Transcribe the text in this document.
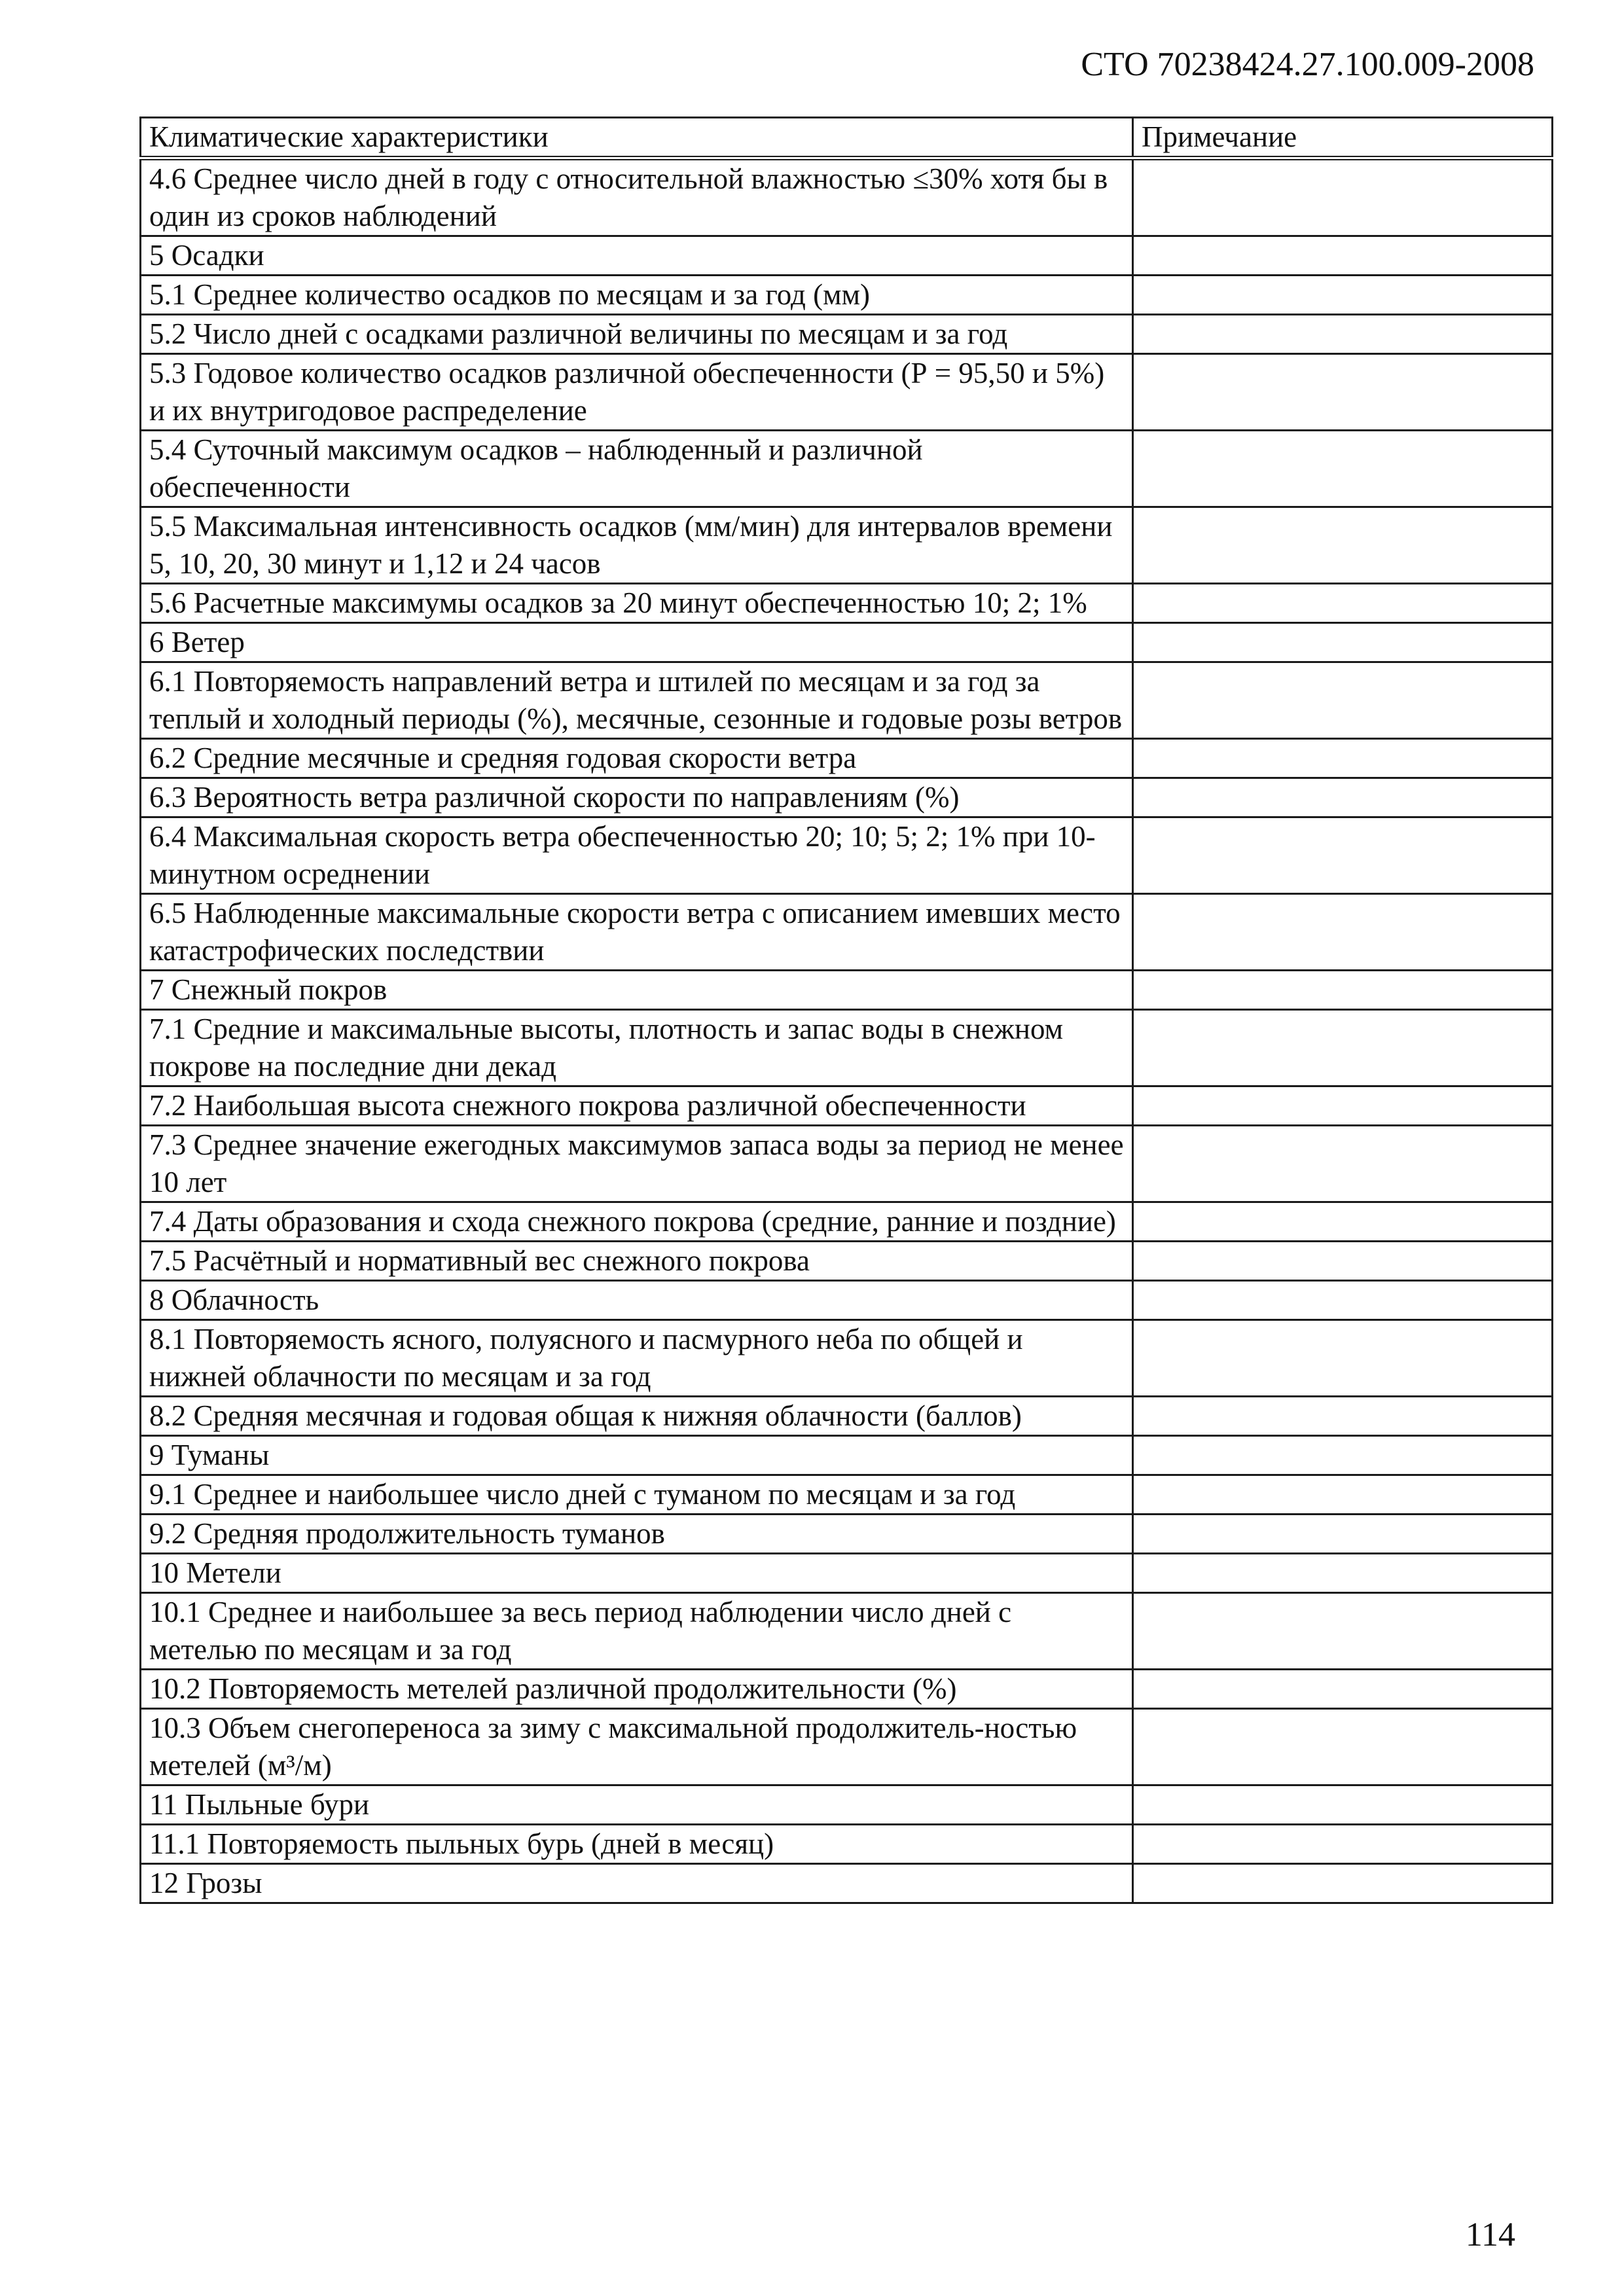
СТО 70238424.27.100.009-2008
Климатические характеристики	Примечание
4.6 Среднее число дней в году с относительной влажностью ≤30% хотя бы в один из сроков наблюдений	
5 Осадки	
5.1 Среднее количество осадков по месяцам и за год (мм)	
5.2 Число дней с осадками различной величины по месяцам и за год	
5.3 Годовое количество осадков различной обеспеченности (Р = 95,50 и 5%) и их внутригодовое распределение	
5.4 Суточный максимум осадков – наблюденный и различной обеспеченности	
5.5 Максимальная интенсивность осадков (мм/мин) для интервалов времени 5, 10, 20, 30 минут и 1,12 и 24 часов	
5.6 Расчетные максимумы осадков за 20 минут обеспеченностью 10; 2; 1%	
6 Ветер	
6.1 Повторяемость направлений ветра и штилей по месяцам и за год за теплый и холодный периоды (%), месячные, сезонные и годовые розы ветров	
6.2 Средние месячные и средняя годовая скорости ветра	
6.3 Вероятность ветра различной скорости по направлениям (%)	
6.4 Максимальная скорость ветра обеспеченностью 20; 10; 5; 2; 1% при 10-минутном осреднении	
6.5 Наблюденные максимальные скорости ветра с описанием имевших место катастрофических последствии	
7 Снежный покров	
7.1 Средние и максимальные высоты, плотность и запас воды в снежном покрове на последние дни декад	
7.2 Наибольшая высота снежного покрова различной обеспеченности	
7.3 Среднее значение ежегодных максимумов запаса воды за период не менее 10 лет	
7.4 Даты образования и схода снежного покрова (средние, ранние и поздние)	
7.5 Расчётный и нормативный вес снежного покрова	
8 Облачность	
8.1 Повторяемость ясного, полуясного и пасмурного неба по общей и нижней облачности по месяцам и за год	
8.2 Средняя месячная и годовая общая к нижняя облачности (баллов)	
9 Туманы	
9.1 Среднее и наибольшее число дней с туманом по месяцам и за год	
9.2 Средняя продолжительность туманов	
10 Метели	
10.1 Среднее и наибольшее за весь период наблюдении число дней с метелью по месяцам и за год	
10.2 Повторяемость метелей различной продолжительности (%)	
10.3 Объем снегопереноса за зиму с максимальной продолжитель-ностью метелей (м³/м)	
11 Пыльные бури	
11.1 Повторяемость пыльных бурь (дней в месяц)	
12 Грозы	
114
